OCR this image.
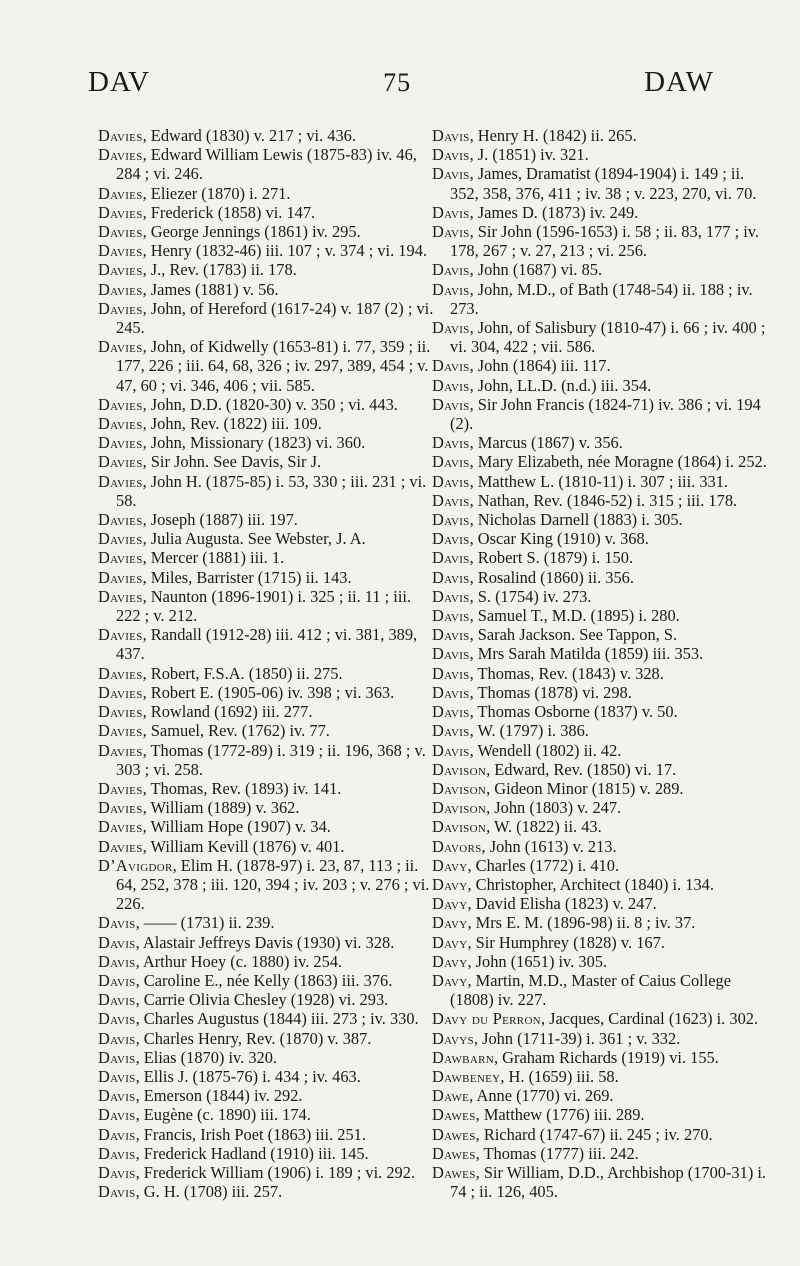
DAV	75	DAW
Davies, Edward (1830) v. 217 ; vi. 436.
Davies, Edward William Lewis (1875-83) iv. 46, 284 ; vi. 246.
Davies, Eliezer (1870) i. 271.
Davies, Frederick (1858) vi. 147.
Davies, George Jennings (1861) iv. 295.
Davies, Henry (1832-46) iii. 107 ; v. 374 ; vi. 194.
Davies, J., Rev. (1783) ii. 178.
Davies, James (1881) v. 56.
Davies, John, of Hereford (1617-24) v. 187 (2) ; vi. 245.
Davies, John, of Kidwelly (1653-81) i. 77, 359 ; ii. 177, 226 ; iii. 64, 68, 326 ; iv. 297, 389, 454 ; v. 47, 60 ; vi. 346, 406 ; vii. 585.
Davies, John, D.D. (1820-30) v. 350 ; vi. 443.
Davies, John, Rev. (1822) iii. 109.
Davies, John, Missionary (1823) vi. 360.
Davies, Sir John. See Davis, Sir J.
Davies, John H. (1875-85) i. 53, 330 ; iii. 231 ; vi. 58.
Davies, Joseph (1887) iii. 197.
Davies, Julia Augusta. See Webster, J. A.
Davies, Mercer (1881) iii. 1.
Davies, Miles, Barrister (1715) ii. 143.
Davies, Naunton (1896-1901) i. 325 ; ii. 11 ; iii. 222 ; v. 212.
Davies, Randall (1912-28) iii. 412 ; vi. 381, 389, 437.
Davies, Robert, F.S.A. (1850) ii. 275.
Davies, Robert E. (1905-06) iv. 398 ; vi. 363.
Davies, Rowland (1692) iii. 277.
Davies, Samuel, Rev. (1762) iv. 77.
Davies, Thomas (1772-89) i. 319 ; ii. 196, 368 ; v. 303 ; vi. 258.
Davies, Thomas, Rev. (1893) iv. 141.
Davies, William (1889) v. 362.
Davies, William Hope (1907) v. 34.
Davies, William Kevill (1876) v. 401.
D’Avigdor, Elim H. (1878-97) i. 23, 87, 113 ; ii. 64, 252, 378 ; iii. 120, 394 ; iv. 203 ; v. 276 ; vi. 226.
Davis, —— (1731) ii. 239.
Davis, Alastair Jeffreys Davis (1930) vi. 328.
Davis, Arthur Hoey (c. 1880) iv. 254.
Davis, Caroline E., née Kelly (1863) iii. 376.
Davis, Carrie Olivia Chesley (1928) vi. 293.
Davis, Charles Augustus (1844) iii. 273 ; iv. 330.
Davis, Charles Henry, Rev. (1870) v. 387.
Davis, Elias (1870) iv. 320.
Davis, Ellis J. (1875-76) i. 434 ; iv. 463.
Davis, Emerson (1844) iv. 292.
Davis, Eugène (c. 1890) iii. 174.
Davis, Francis, Irish Poet (1863) iii. 251.
Davis, Frederick Hadland (1910) iii. 145.
Davis, Frederick William (1906) i. 189 ; vi. 292.
Davis, G. H. (1708) iii. 257.
Davis, Henry H. (1842) ii. 265.
Davis, J. (1851) iv. 321.
Davis, James, Dramatist (1894-1904) i. 149 ; ii. 352, 358, 376, 411 ; iv. 38 ; v. 223, 270, vi. 70.
Davis, James D. (1873) iv. 249.
Davis, Sir John (1596-1653) i. 58 ; ii. 83, 177 ; iv. 178, 267 ; v. 27, 213 ; vi. 256.
Davis, John (1687) vi. 85.
Davis, John, M.D., of Bath (1748-54) ii. 188 ; iv. 273.
Davis, John, of Salisbury (1810-47) i. 66 ; iv. 400 ; vi. 304, 422 ; vii. 586.
Davis, John (1864) iii. 117.
Davis, John, LL.D. (n.d.) iii. 354.
Davis, Sir John Francis (1824-71) iv. 386 ; vi. 194 (2).
Davis, Marcus (1867) v. 356.
Davis, Mary Elizabeth, née Moragne (1864) i. 252.
Davis, Matthew L. (1810-11) i. 307 ; iii. 331.
Davis, Nathan, Rev. (1846-52) i. 315 ; iii. 178.
Davis, Nicholas Darnell (1883) i. 305.
Davis, Oscar King (1910) v. 368.
Davis, Robert S. (1879) i. 150.
Davis, Rosalind (1860) ii. 356.
Davis, S. (1754) iv. 273.
Davis, Samuel T., M.D. (1895) i. 280.
Davis, Sarah Jackson. See Tappon, S.
Davis, Mrs Sarah Matilda (1859) iii. 353.
Davis, Thomas, Rev. (1843) v. 328.
Davis, Thomas (1878) vi. 298.
Davis, Thomas Osborne (1837) v. 50.
Davis, W. (1797) i. 386.
Davis, Wendell (1802) ii. 42.
Davison, Edward, Rev. (1850) vi. 17.
Davison, Gideon Minor (1815) v. 289.
Davison, John (1803) v. 247.
Davison, W. (1822) ii. 43.
Davors, John (1613) v. 213.
Davy, Charles (1772) i. 410.
Davy, Christopher, Architect (1840) i. 134.
Davy, David Elisha (1823) v. 247.
Davy, Mrs E. M. (1896-98) ii. 8 ; iv. 37.
Davy, Sir Humphrey (1828) v. 167.
Davy, John (1651) iv. 305.
Davy, Martin, M.D., Master of Caius College (1808) iv. 227.
Davy du Perron, Jacques, Cardinal (1623) i. 302.
Davys, John (1711-39) i. 361 ; v. 332.
Dawbarn, Graham Richards (1919) vi. 155.
Dawbeney, H. (1659) iii. 58.
Dawe, Anne (1770) vi. 269.
Dawes, Matthew (1776) iii. 289.
Dawes, Richard (1747-67) ii. 245 ; iv. 270.
Dawes, Thomas (1777) iii. 242.
Dawes, Sir William, D.D., Archbishop (1700-31) i. 74 ; ii. 126, 405.
